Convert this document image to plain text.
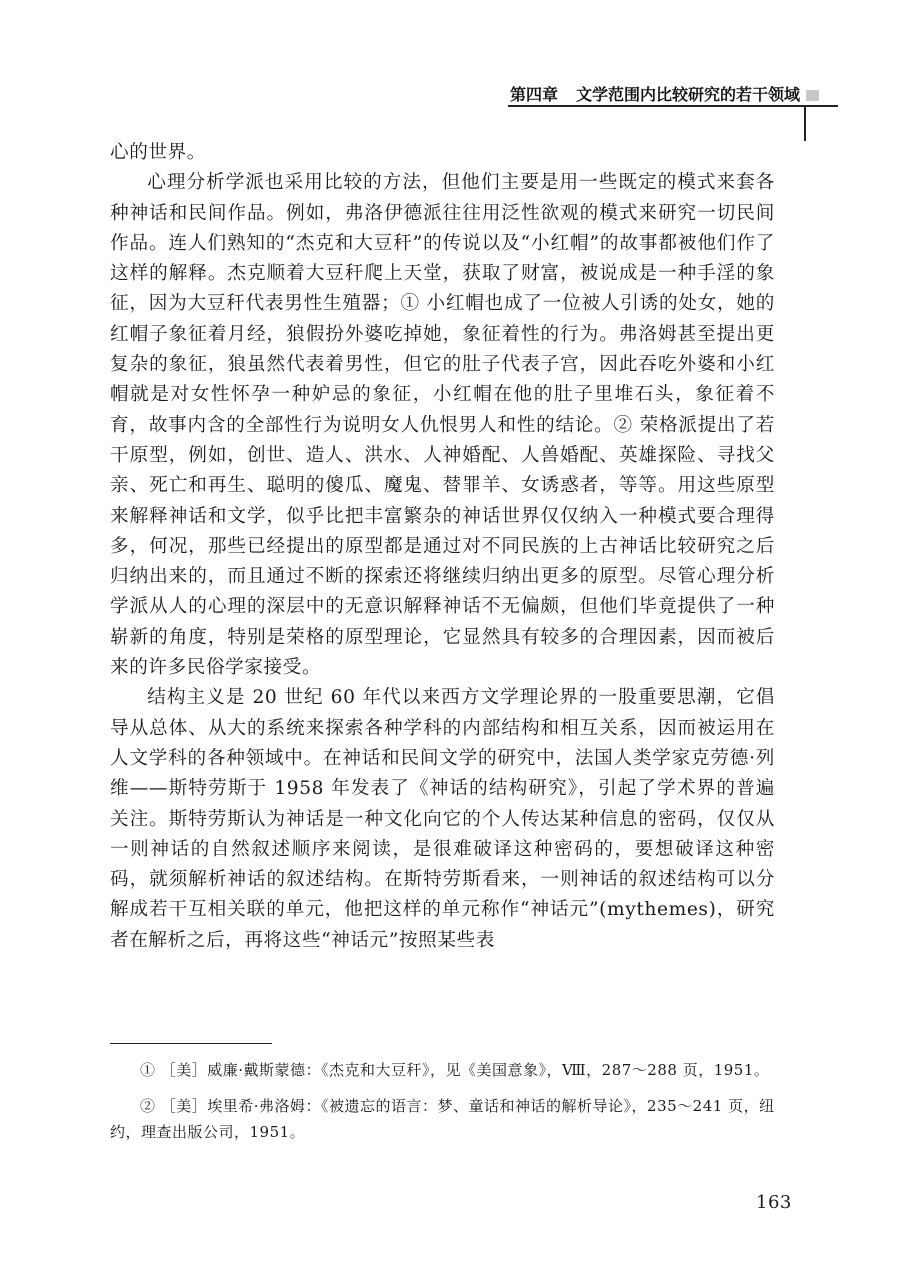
第四章 文学范围内比较研究的若干领域

心的世界。

心理分析学派也采用比较的方法，但他们主要是用一些既定的模式来套各种神话和民间作品。例如，弗洛伊德派往往用泛性欲观的模式来研究一切民间作品。连人们熟知的“杰克和大豆秆”的传说以及“小红帽”的故事都被他们作了这样的解释。杰克顺着大豆秆爬上天堂，获取了财富，被说成是一种手淫的象征，因为大豆秆代表男性生殖器；① 小红帽也成了一位被人引诱的处女，她的红帽子象征着月经，狼假扮外婆吃掉她，象征着性的行为。弗洛姆甚至提出更复杂的象征，狼虽然代表着男性，但它的肚子代表子宫，因此吞吃外婆和小红帽就是对女性怀孕一种妒忌的象征，小红帽在他的肚子里堆石头，象征着不育，故事内含的全部性行为说明女人仇恨男人和性的结论。② 荣格派提出了若干原型，例如，创世、造人、洪水、人神婚配、人兽婚配、英雄探险、寻找父亲、死亡和再生、聪明的傻瓜、魔鬼、替罪羊、女诱惑者，等等。用这些原型来解释神话和文学，似乎比把丰富繁杂的神话世界仅仅纳入一种模式要合理得多，何况，那些已经提出的原型都是通过对不同民族的上古神话比较研究之后归纳出来的，而且通过不断的探索还将继续归纳出更多的原型。尽管心理分析学派从人的心理的深层中的无意识解释神话不无偏颇，但他们毕竟提供了一种崭新的角度，特别是荣格的原型理论，它显然具有较多的合理因素，因而被后来的许多民俗学家接受。

结构主义是 20 世纪 60 年代以来西方文学理论界的一股重要思潮，它倡导从总体、从大的系统来探索各种学科的内部结构和相互关系，因而被运用在人文学科的各种领域中。在神话和民间文学的研究中，法国人类学家克劳德·列维——斯特劳斯于 1958 年发表了《神话的结构研究》，引起了学术界的普遍关注。斯特劳斯认为神话是一种文化向它的个人传达某种信息的密码，仅仅从一则神话的自然叙述顺序来阅读，是很难破译这种密码的，要想破译这种密码，就须解析神话的叙述结构。在斯特劳斯看来，一则神话的叙述结构可以分解成若干互相关联的单元，他把这样的单元称作“神话元”(mythemes)，研究者在解析之后，再将这些“神话元”按照某些表

① ［美］威廉·戴斯蒙德：《杰克和大豆秆》，见《美国意象》，Ⅷ，287～288 页，1951。
② ［美］埃里希·弗洛姆：《被遗忘的语言：梦、童话和神话的解析导论》，235～241 页，纽约，理查出版公司，1951。
163
